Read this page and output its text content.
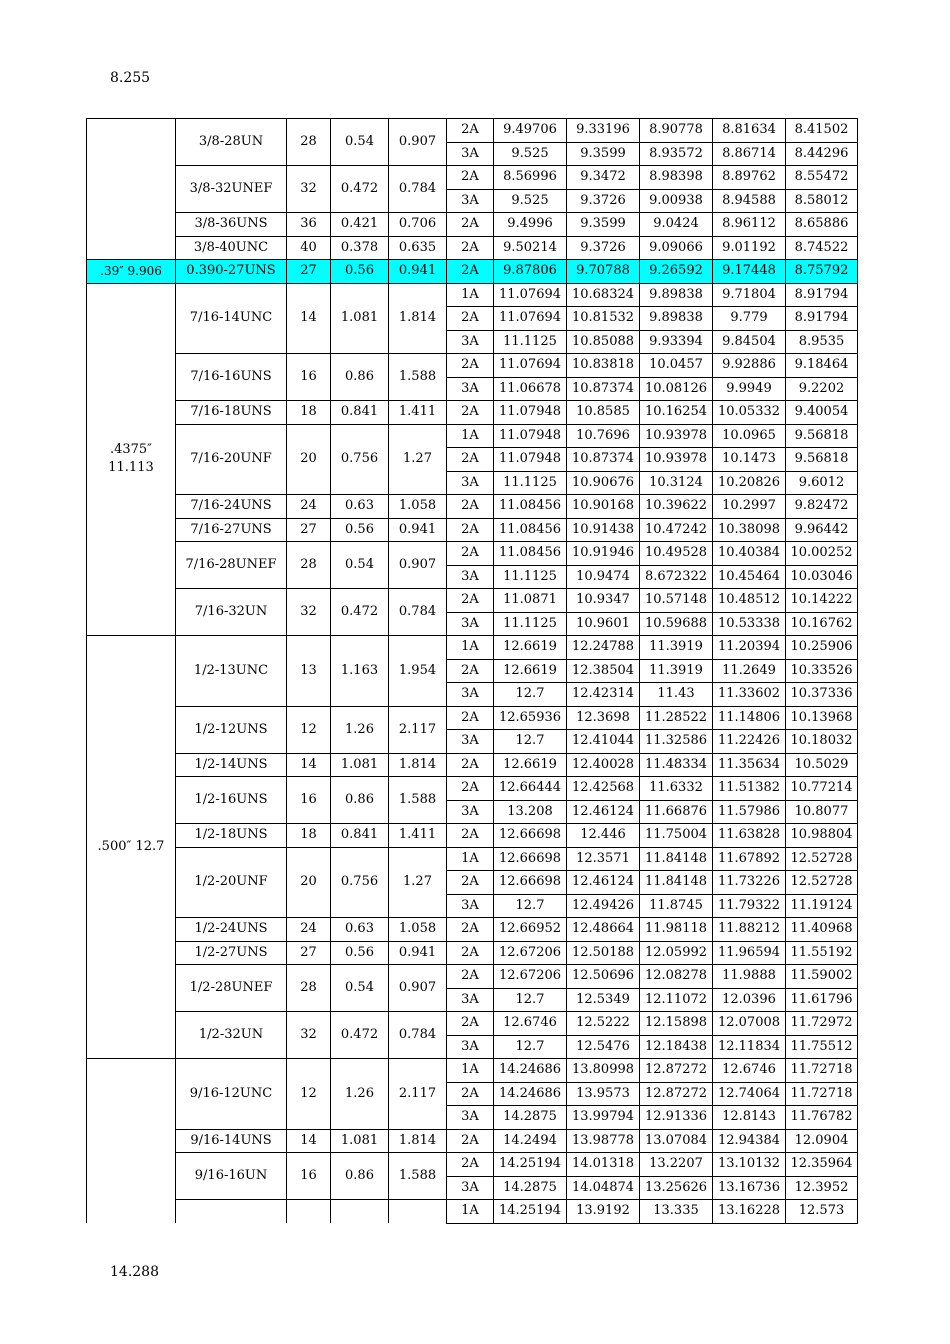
8.255
	3/8-28UN	28	0.54	0.907	2A	9.49706	9.33196	8.90778	8.81634	8.41502
					3A	9.525	9.3599	8.93572	8.86714	8.44296
	3/8-32UNEF	32	0.472	0.784	2A	8.56996	9.3472	8.98398	8.89762	8.55472
					3A	9.525	9.3726	9.00938	8.94588	8.58012
	3/8-36UNS	36	0.421	0.706	2A	9.4996	9.3599	9.0424	8.96112	8.65886
	3/8-40UNC	40	0.378	0.635	2A	9.50214	9.3726	9.09066	9.01192	8.74522
.39″ 9.906	0.390-27UNS	27	0.56	0.941	2A	9.87806	9.70788	9.26592	9.17448	8.75792
.4375″ 11.113	7/16-14UNC	14	1.081	1.814	1A	11.07694	10.68324	9.89838	9.71804	8.91794
					2A	11.07694	10.81532	9.89838	9.779	8.91794
					3A	11.1125	10.85088	9.93394	9.84504	8.9535
	7/16-16UNS	16	0.86	1.588	2A	11.07694	10.83818	10.0457	9.92886	9.18464
					3A	11.06678	10.87374	10.08126	9.9949	9.2202
	7/16-18UNS	18	0.841	1.411	2A	11.07948	10.8585	10.16254	10.05332	9.40054
	7/16-20UNF	20	0.756	1.27	1A	11.07948	10.7696	10.93978	10.0965	9.56818
					2A	11.07948	10.87374	10.93978	10.1473	9.56818
					3A	11.1125	10.90676	10.3124	10.20826	9.6012
	7/16-24UNS	24	0.63	1.058	2A	11.08456	10.90168	10.39622	10.2997	9.82472
	7/16-27UNS	27	0.56	0.941	2A	11.08456	10.91438	10.47242	10.38098	9.96442
	7/16-28UNEF	28	0.54	0.907	2A	11.08456	10.91946	10.49528	10.40384	10.00252
					3A	11.1125	10.9474	8.672322	10.45464	10.03046
	7/16-32UN	32	0.472	0.784	2A	11.0871	10.9347	10.57148	10.48512	10.14222
					3A	11.1125	10.9601	10.59688	10.53338	10.16762
.500″ 12.7	1/2-13UNC	13	1.163	1.954	1A	12.6619	12.24788	11.3919	11.20394	10.25906
					2A	12.6619	12.38504	11.3919	11.2649	10.33526
					3A	12.7	12.42314	11.43	11.33602	10.37336
	1/2-12UNS	12	1.26	2.117	2A	12.65936	12.3698	11.28522	11.14806	10.13968
					3A	12.7	12.41044	11.32586	11.22426	10.18032
	1/2-14UNS	14	1.081	1.814	2A	12.6619	12.40028	11.48334	11.35634	10.5029
	1/2-16UNS	16	0.86	1.588	2A	12.66444	12.42568	11.6332	11.51382	10.77214
					3A	13.208	12.46124	11.66876	11.57986	10.8077
	1/2-18UNS	18	0.841	1.411	2A	12.66698	12.446	11.75004	11.63828	10.98804
	1/2-20UNF	20	0.756	1.27	1A	12.66698	12.3571	11.84148	11.67892	12.52728
					2A	12.66698	12.46124	11.84148	11.73226	12.52728
					3A	12.7	12.49426	11.8745	11.79322	11.19124
	1/2-24UNS	24	0.63	1.058	2A	12.66952	12.48664	11.98118	11.88212	11.40968
	1/2-27UNS	27	0.56	0.941	2A	12.67206	12.50188	12.05992	11.96594	11.55192
	1/2-28UNEF	28	0.54	0.907	2A	12.67206	12.50696	12.08278	11.9888	11.59002
					3A	12.7	12.5349	12.11072	12.0396	11.61796
	1/2-32UN	32	0.472	0.784	2A	12.6746	12.5222	12.15898	12.07008	11.72972
					3A	12.7	12.5476	12.18438	12.11834	11.75512
	9/16-12UNC	12	1.26	2.117	1A	14.24686	13.80998	12.87272	12.6746	11.72718
					2A	14.24686	13.9573	12.87272	12.74064	11.72718
					3A	14.2875	13.99794	12.91336	12.8143	11.76782
	9/16-14UNS	14	1.081	1.814	2A	14.2494	13.98778	13.07084	12.94384	12.0904
	9/16-16UN	16	0.86	1.588	2A	14.25194	14.01318	13.2207	13.10132	12.35964
					3A	14.2875	14.04874	13.25626	13.16736	12.3952
					1A	14.25194	13.9192	13.335	13.16228	12.573
14.288
